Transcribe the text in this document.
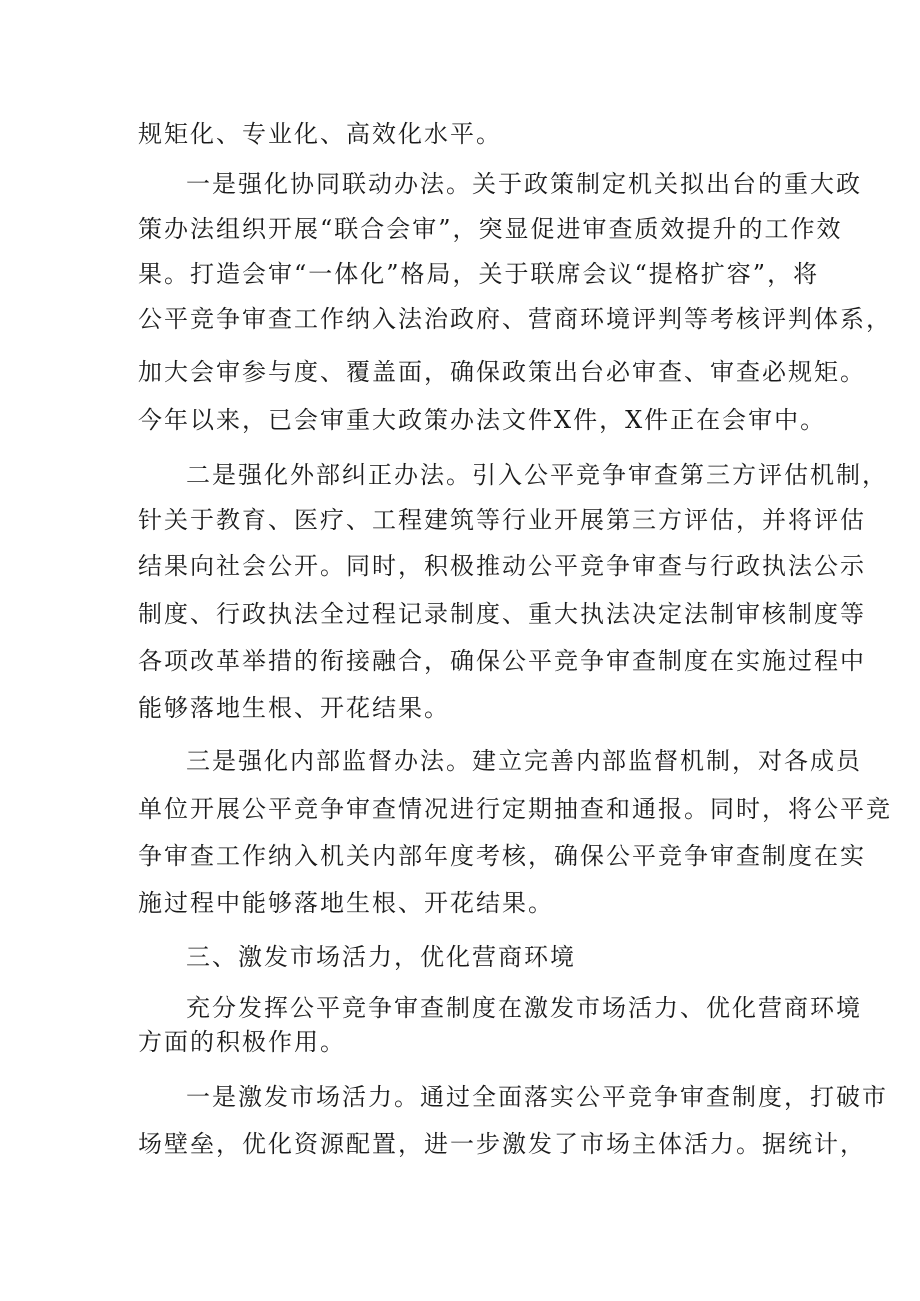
规矩化、专业化、高效化水平。
一是强化协同联动办法。关于政策制定机关拟出台的重大政
策办法组织开展“联合会审”，突显促进审查质效提升的工作效
果。打造会审“一体化”格局，关于联席会议“提格扩容”，将
公平竞争审查工作纳入法治政府、营商环境评判等考核评判体系，
加大会审参与度、覆盖面，确保政策出台必审查、审查必规矩。
今年以来，已会审重大政策办法文件X件，X件正在会审中。
二是强化外部纠正办法。引入公平竞争审查第三方评估机制，
针关于教育、医疗、工程建筑等行业开展第三方评估，并将评估
结果向社会公开。同时，积极推动公平竞争审查与行政执法公示
制度、行政执法全过程记录制度、重大执法决定法制审核制度等
各项改革举措的衔接融合，确保公平竞争审查制度在实施过程中
能够落地生根、开花结果。
三是强化内部监督办法。建立完善内部监督机制，对各成员
单位开展公平竞争审查情况进行定期抽查和通报。同时，将公平竞
争审查工作纳入机关内部年度考核，确保公平竞争审查制度在实
施过程中能够落地生根、开花结果。
三、激发市场活力，优化营商环境
充分发挥公平竞争审查制度在激发市场活力、优化营商环境
方面的积极作用。
一是激发市场活力。通过全面落实公平竞争审查制度，打破市
场壁垒，优化资源配置，进一步激发了市场主体活力。据统计，
